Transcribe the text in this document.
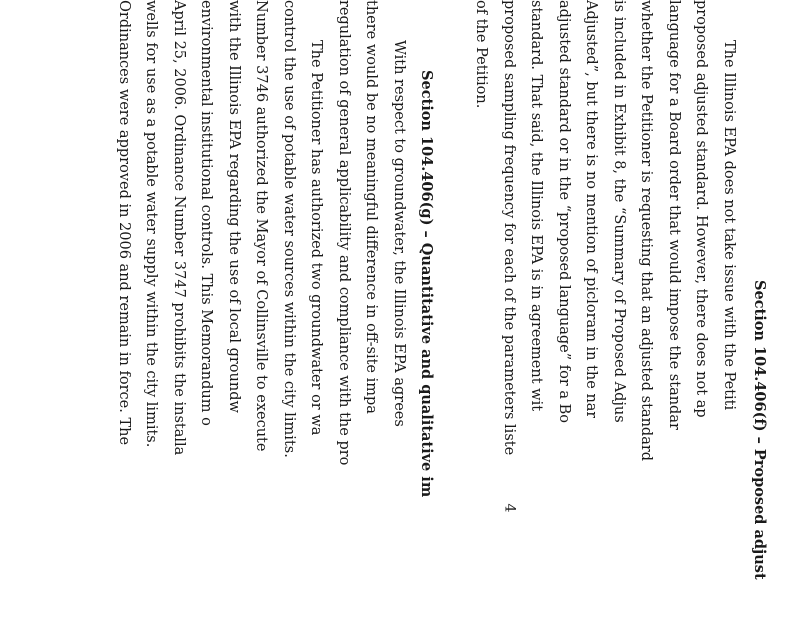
Section 104.406(f) – Proposed adjust
The Illinois EPA does not take issue with the Petiti
proposed adjusted standard. However, there does not ap
language for a Board order that would impose the standar
whether the Petitioner is requesting that an adjusted standard
is included in Exhibit 8, the “Summary of Proposed Adjus
Adjusted”, but there is no mention of picloram in the nar
adjusted standard or in the “proposed language” for a Bo
standard. That said, the Illinois EPA is in agreement wit
proposed sampling frequency for each of the parameters liste
of the Petition.
Section 104.406(g) – Quantitative and qualitative im
With respect to groundwater, the Illinois EPA agrees
there would be no meaningful difference in off-site impa
regulation of general applicability and compliance with the pro
The Petitioner has authorized two groundwater or wa
control the use of potable water sources within the city limits.
Number 3746 authorized the Mayor of Collinsville to execute
with the Illinois EPA regarding the use of local groundw
environmental institutional controls. This Memorandum o
April 25, 2006. Ordinance Number 3747 prohibits the installa
wells for use as a potable water supply within the city limits.
Ordinances were approved in 2006 and remain in force. The
4
